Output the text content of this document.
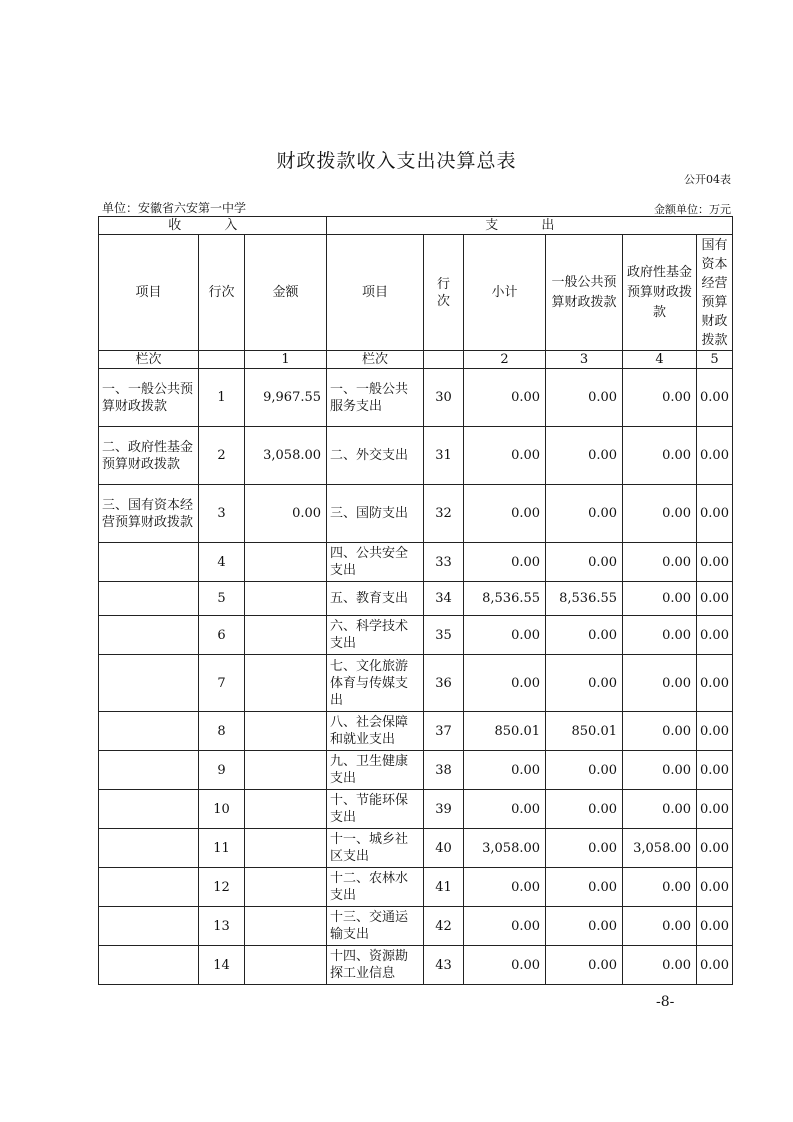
财政拨款收入支出决算总表
公开04表
单位：安徽省六安第一中学	金额单位：万元
收 入			支 出					
项目	行次	金额	项目	行次	小计	一般公共预算财政拨款	政府性基金预算财政拨款	国有资本经营预算财政拨款
栏次		1	栏次		2	3	4	5
一、一般公共预算财政拨款	1	9,967.55	一、一般公共服务支出	30	0.00	0.00	0.00	0.00
二、政府性基金预算财政拨款	2	3,058.00	二、外交支出	31	0.00	0.00	0.00	0.00
三、国有资本经营预算财政拨款	3	0.00	三、国防支出	32	0.00	0.00	0.00	0.00
	4		四、公共安全支出	33	0.00	0.00	0.00	0.00
	5		五、教育支出	34	8,536.55	8,536.55	0.00	0.00
	6		六、科学技术支出	35	0.00	0.00	0.00	0.00
	7		七、文化旅游体育与传媒支出	36	0.00	0.00	0.00	0.00
	8		八、社会保障和就业支出	37	850.01	850.01	0.00	0.00
	9		九、卫生健康支出	38	0.00	0.00	0.00	0.00
	10		十、节能环保支出	39	0.00	0.00	0.00	0.00
	11		十一、城乡社区支出	40	3,058.00	0.00	3,058.00	0.00
	12		十二、农林水支出	41	0.00	0.00	0.00	0.00
	13		十三、交通运输支出	42	0.00	0.00	0.00	0.00
	14		十四、资源勘探工业信息	43	0.00	0.00	0.00	0.00
-8-
